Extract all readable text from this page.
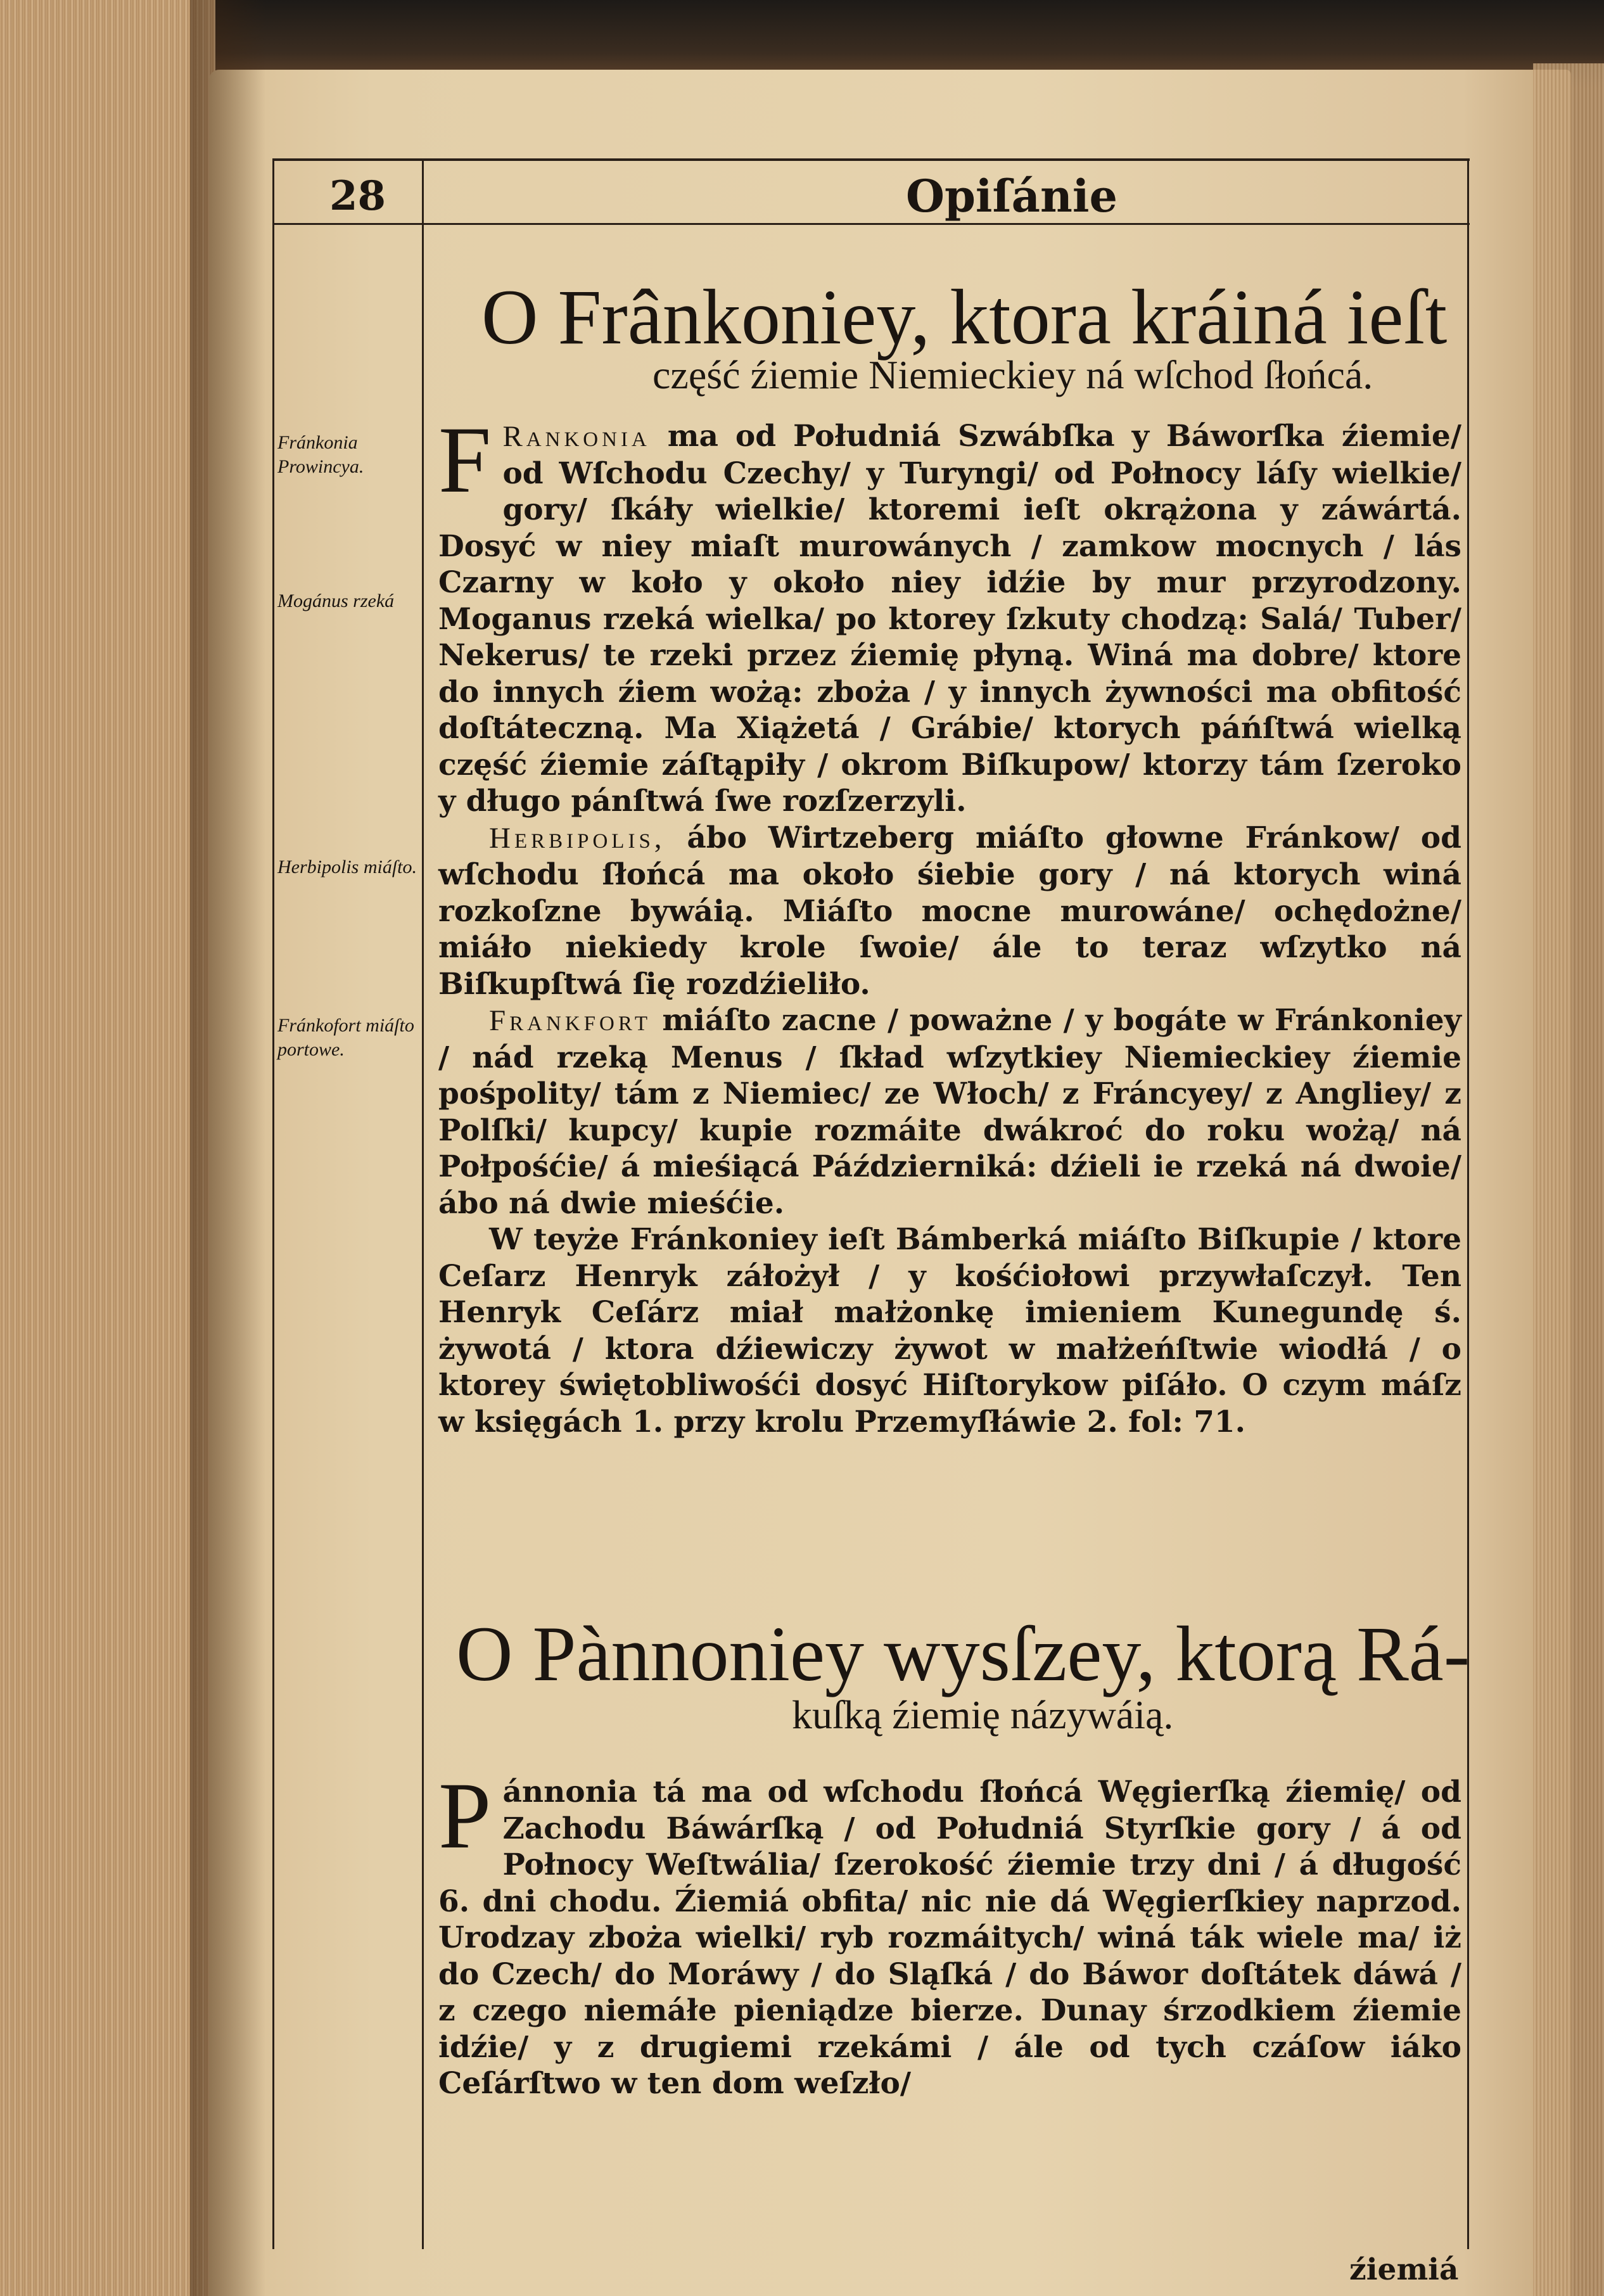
28	Opiſánie
O Frânkoniey, ktora kráiná ieſt
część źiemie Niemieckiey ná wſchod ſłońcá.
Fránkonia Prowincya.
Mogánus rzeká
Herbipolis miáſto.
Fránkofort miáſto portowe.

F Rankonia ma od Południá Szwábſka y Báworſka źiemie/ od Wſchodu Czechy/ y Turyngi/ od Połnocy láſy wielkie/ gory/ ſkáły wielkie/ ktoremi ieſt okrążona y záwártá. Dosyć w niey miaſt murowánych / zamkow mocnych / lás Czarny w koło y około niey idźie by mur przyrodzony. Moganus rzeká wielka/ po ktorey ſzkuty chodzą: Salá/ Tuber/ Nekerus/ te rzeki przez źiemię płyną. Winá ma dobre/ ktore do innych źiem wożą: zboża / y innych żywności ma obfitość doſtáteczną. Ma Xiążetá / Grábie/ ktorych páńſtwá wielką część źiemie záſtąpiły / okrom Biſkupow/ ktorzy tám ſzeroko y długo pánſtwá ſwe rozſzerzyli.

Herbipolis, ábo Wirtzeberg miáſto głowne Fránkow/ od wſchodu ſłońcá ma około śiebie gory / ná ktorych winá rozkoſzne bywáią. Miáſto mocne murowáne/ ochędożne/ miáło niekiedy krole ſwoie/ ále to teraz wſzytko ná Biſkupſtwá ſię rozdźieliło.

Frankfort miáſto zacne / poważne / y bogáte w Fránkoniey / nád rzeką Menus / ſkład wſzytkiey Niemieckiey źiemie pośpolity/ tám z Niemiec/ ze Włoch/ z Fráncyey/ z Angliey/ z Polſki/ kupcy/ kupie rozmáite dwákroć do roku wożą/ ná Połpośćie/ á mieśiącá Páździerniká: dźieli ie rzeká ná dwoie/ ábo ná dwie mieśćie.

W teyże Fránkoniey ieſt Bámberká miáſto Biſkupie / ktore Ceſarz Henryk záłożył / y kośćiołowi przywłaſczył. Ten Henryk Ceſárz miał małżonkę imieniem Kunegundę ś. żywotá / ktora dźiewiczy żywot w małżeńſtwie wiodłá / o ktorey świętobliwośći dosyć Hiſtorykow piſáło. O czym máſz w księgách 1. przy krolu Przemyſłáwie 2. fol: 71.

O Pànnoniey wysſzey, ktorą Rá-
kuſką źiemię názywáią.

P ánnonia tá ma od wſchodu ſłońcá Węgierſką źiemię/ od Zachodu Báwárſką / od Południá Styrſkie gory / á od Połnocy Weſtwália/ ſzerokość źiemie trzy dni / á długość 6. dni chodu. Źiemiá obfita/ nic nie dá Węgierſkiey naprzod. Urodzay zboża wielki/ ryb rozmáitych/ winá ták wiele ma/ iż do Czech/ do Moráwy / do Sląſká / do Báwor doſtátek dáwá / z czego niemáłe pieniądze bierze. Dunay śrzodkiem źiemie idźie/ y z drugiemi rzekámi / ále od tych czáſow iáko Ceſárſtwo w ten dom weſzło/

źiemiá
